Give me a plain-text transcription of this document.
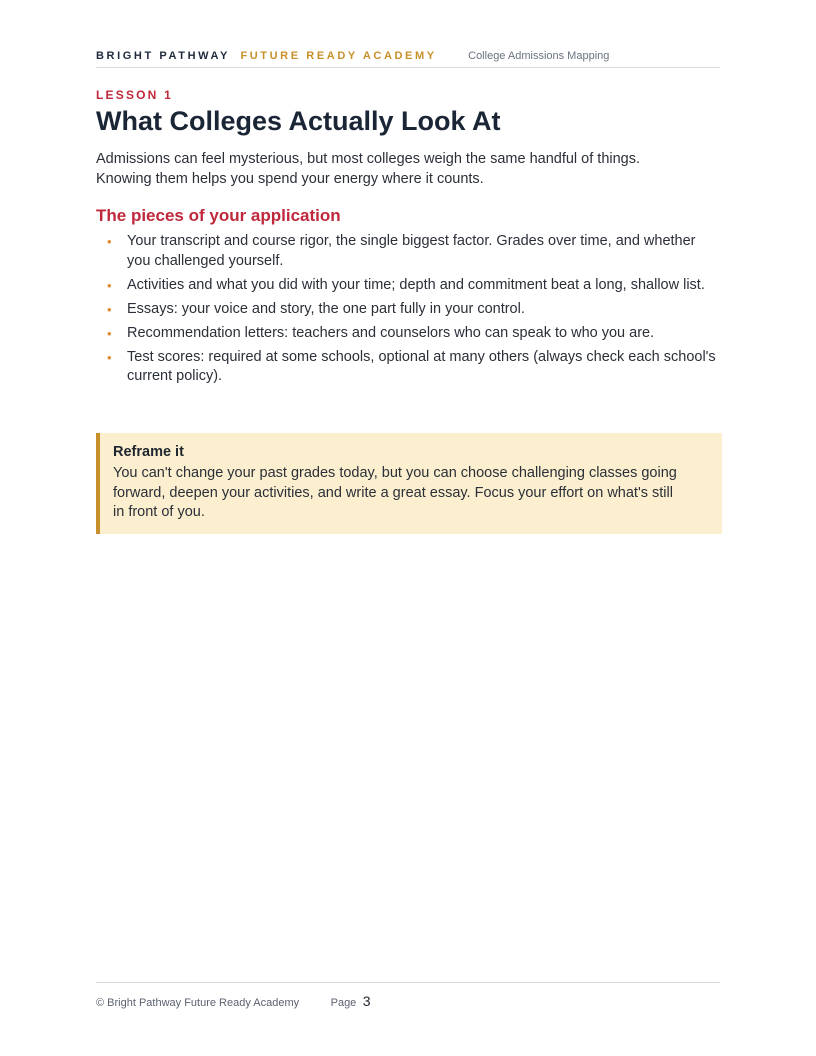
BRIGHT PATHWAY FUTURE READY ACADEMY	College Admissions Mapping
LESSON 1
What Colleges Actually Look At

Admissions can feel mysterious, but most colleges weigh the same handful of things. Knowing them helps you spend your energy where it counts.

The pieces of your application
• Your transcript and course rigor, the single biggest factor. Grades over time, and whether you challenged yourself.
• Activities and what you did with your time; depth and commitment beat a long, shallow list.
• Essays: your voice and story, the one part fully in your control.
• Recommendation letters: teachers and counselors who can speak to who you are.
• Test scores: required at some schools, optional at many others (always check each school's current policy).
Reframe it

You can't change your past grades today, but you can choose challenging classes going forward, deepen your activities, and write a great essay. Focus your effort on what's still in front of you.

© Bright Pathway Future Ready Academy	Page 3
